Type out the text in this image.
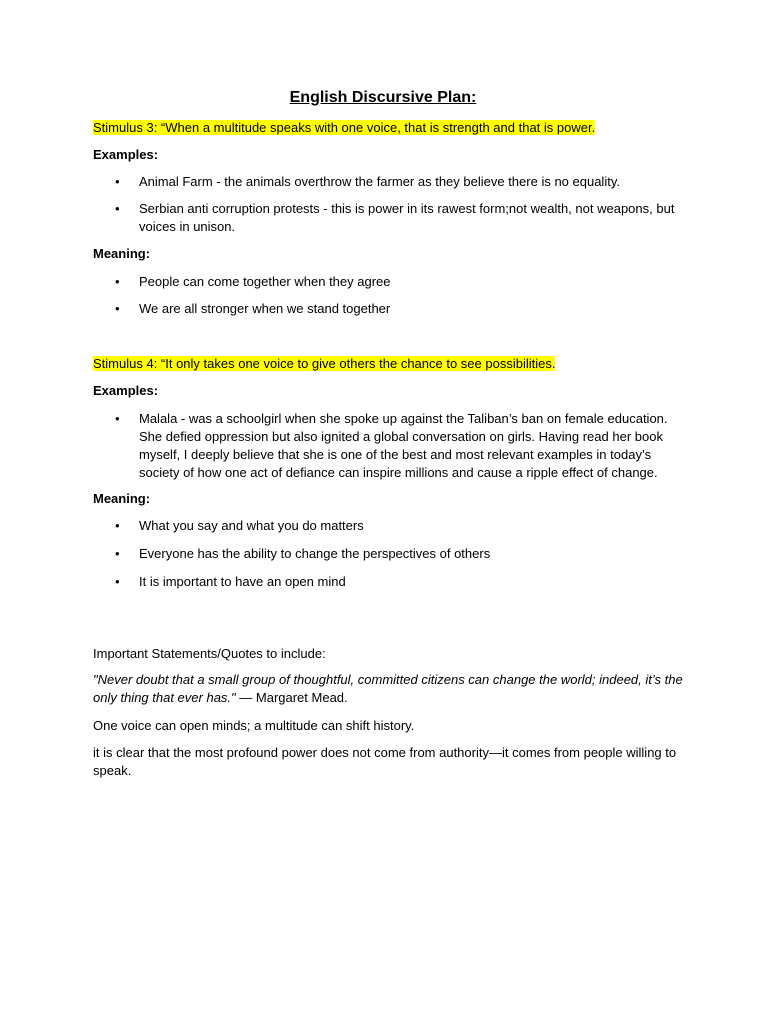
English Discursive Plan:
Stimulus 3: “When a multitude speaks with one voice, that is strength and that is power.
Examples:
• Animal Farm - the animals overthrow the farmer as they believe there is no equality.
• Serbian anti corruption protests - this is power in its rawest form;not wealth, not weapons, but voices in unison.
Meaning:
• People can come together when they agree
• We are all stronger when we stand together
Stimulus 4: “It only takes one voice to give others the chance to see possibilities.
Examples:
• Malala - was a schoolgirl when she spoke up against the Taliban’s ban on female education. She defied oppression but also ignited a global conversation on girls. Having read her book myself, I deeply believe that she is one of the best and most relevant examples in today’s society of how one act of defiance can inspire millions and cause a ripple effect of change.
Meaning:
• What you say and what you do matters
• Everyone has the ability to change the perspectives of others
• It is important to have an open mind
Important Statements/Quotes to include:
"Never doubt that a small group of thoughtful, committed citizens can change the world; indeed, it’s the only thing that ever has." — Margaret Mead.
One voice can open minds; a multitude can shift history.
it is clear that the most profound power does not come from authority—it comes from people willing to speak.
